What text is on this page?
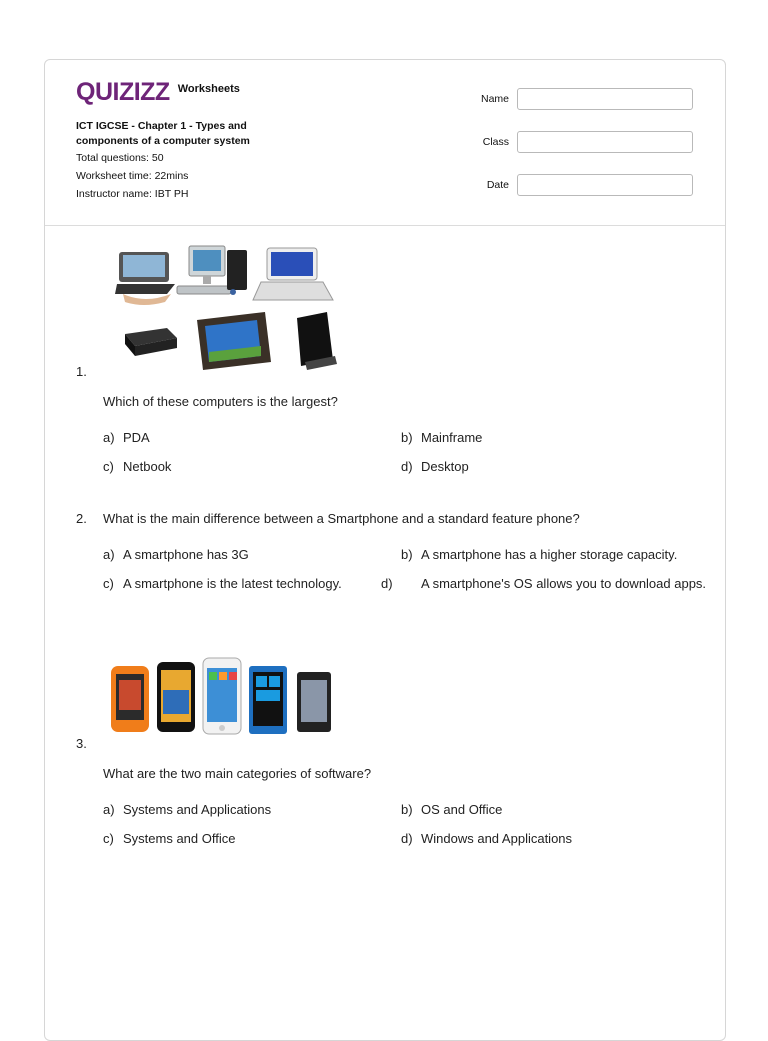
QUIZIZZ Worksheets
ICT IGCSE - Chapter 1 - Types and components of a computer system
Total questions: 50
Worksheet time: 22mins
Instructor name: IBT PH
Name
Class
Date
1.
Which of these computers is the largest?
a) PDA	b) Mainframe
c) Netbook	d) Desktop
2. What is the main difference between a Smartphone and a standard feature phone?
a) A smartphone has 3G	b) A smartphone has a higher storage capacity.
c) A smartphone is the latest technology.	d) A smartphone's OS allows you to download apps.
3.
What are the two main categories of software?
a) Systems and Applications	b) OS and Office
c) Systems and Office	d) Windows and Applications
